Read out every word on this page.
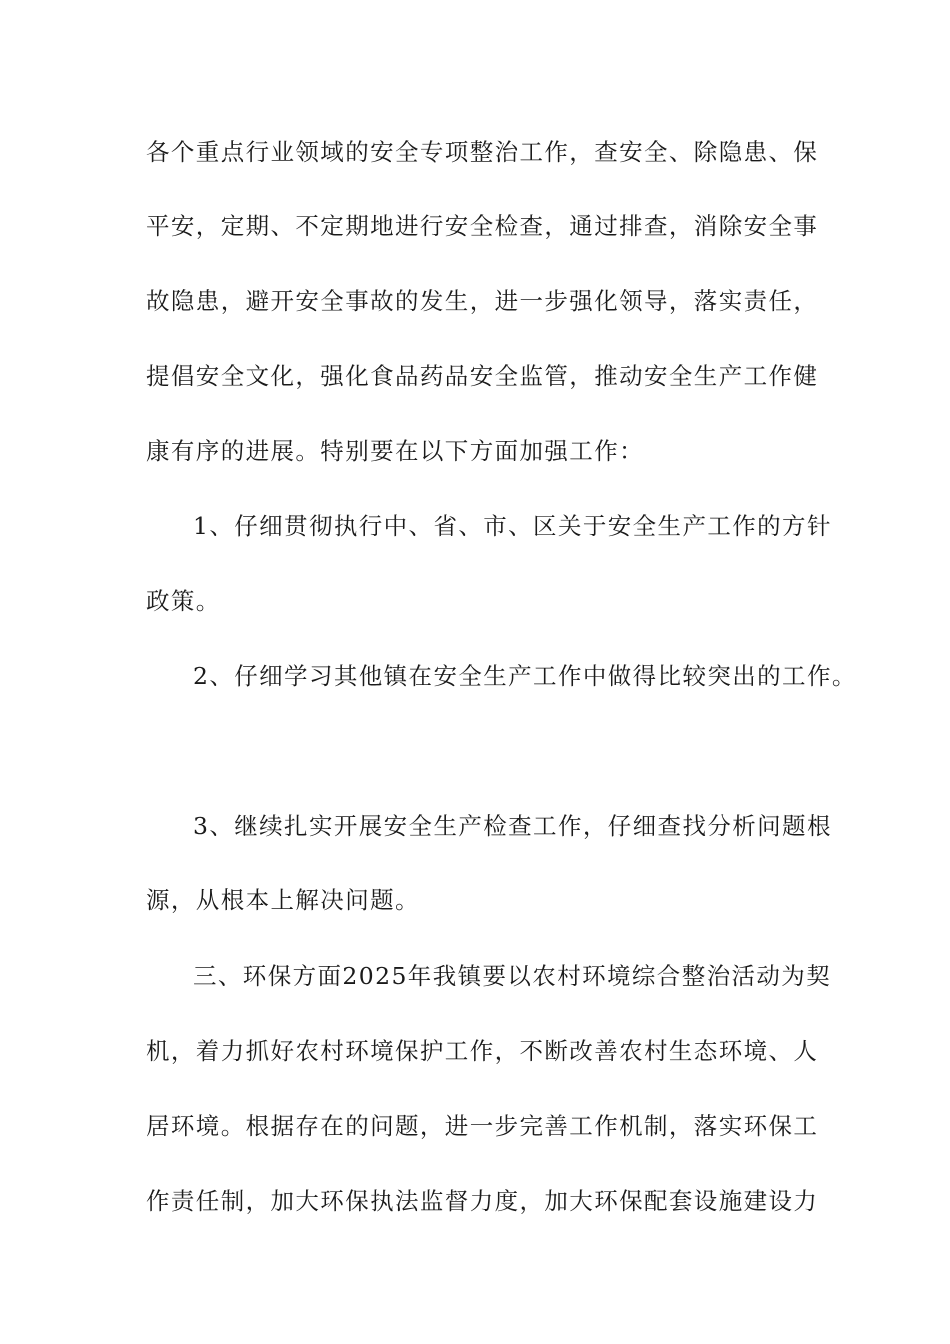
各个重点行业领域的安全专项整治工作，查安全、除隐患、保
平安，定期、不定期地进行安全检查，通过排查，消除安全事
故隐患，避开安全事故的发生，进一步强化领导，落实责任，
提倡安全文化，强化食品药品安全监管，推动安全生产工作健
康有序的进展。特别要在以下方面加强工作：
1、仔细贯彻执行中、省、市、区关于安全生产工作的方针
政策。
2、仔细学习其他镇在安全生产工作中做得比较突出的工作。
3、继续扎实开展安全生产检查工作，仔细查找分析问题根
源，从根本上解决问题。
三、环保方面2025年我镇要以农村环境综合整治活动为契
机，着力抓好农村环境保护工作，不断改善农村生态环境、人
居环境。根据存在的问题，进一步完善工作机制，落实环保工
作责任制，加大环保执法监督力度，加大环保配套设施建设力
